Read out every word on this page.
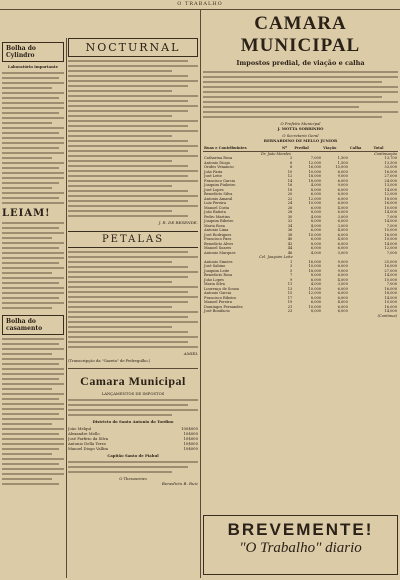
O TRABALHO
Bolha do Cylindro
Laboratório importante
LEIAM!
Bolha do casamento
NOCTURNAL
J. R. DE RESENDE.
PETALAS
AMIEL
(Transcripção da "Gazeta" de Pedregulho.)
Camara Municipal
LANÇAMENTOS DE IMPOSTOS
Districto do Santo Antonio do Tordino
João Melquí	100$000
Alexandre Mello	10$000
José Parfirio da Silva	10$000
Antonio Della Terra	10$000
Manoel Diogo Vallim	10$000
Capitão Santo de Piahul
O Thesoureiro
Benedicto B. Ruiz
CAMARA MUNICIPAL
Impostos predial, de viação e calha
O Prefeito Municipal
J. MOTTA SOBRINHO
O Secretario Geral
BERNARDINO DE MELLO JUNIOR
Ruas e Contribuintes	Nº	Predial	Viação	Calha	Total
Dr. João Mendes				Continuação	
Catharina Rosa	2	7,000	1,500		13,700
Antonio Diogo	6	12,000	1,500		13,500
Orides Venancio	8	16,000	15,000		33,000
João Faria	10	10,000	6,000		16,000
José Leite	12	18,000	9,000		27,000
Francisco Garcia	14	18,000	6,000		24,000
Joaquim Pinheiro	16	4,000	9,000		13,000
José Lopes	18	8,000	6,000		14,000
Benedicto Silva	20	6,000	6,000		12,000
Antonio Amaral	22	12,000	6,000		18,000
Luiz Pereira	24	10,000	6,000		16,000
Manoel Costa	26	6,000	4,000		10,000
João Batista	28	8,000	6,000		14,000
Pedro Martins	30	4,000	3,000		7,000
Joaquim Ribeiro	32	8,000	6,000		14,000
Maria Rosa	34	4,000	3,000		7,000
Antonio Lima	36	6,000	4,000		10,000
José Rodrigues	38	10,000	6,000		16,000
Francisco Paes	40	6,000	4,000		10,000
Benedicto Alves	42	8,000	6,000		14,000
Manoel Soares	44	6,000	6,000		12,000
Antonio Marques	46	4,000	3,000		7,000
Cel. Joaquim Leite					
Antonio Simões	1	16,000	9,000		25,000
José Sabino	3	10,000	6,000		16,000
Joaquim Leite	5	18,000	9,000		27,000
Benedicto Rosa	7	8,000	6,000		14,000
João Lopes	9	6,000	4,000		10,000
Maria Silva	11	4,000	3,000		7,000
Lourenço de Souza	13	10,000	6,000		16,000
Antonio Garcia	15	12,000	6,000		18,000
Francisco Ribeiro	17	8,000	6,000		14,000
Manoel Pereira	19	6,000	4,000		10,000
Domingos Fernandes	21	10,000	6,000		16,000
José Bonifacio	23	8,000	6,000		14,000
(Continua)					
BREVEMENTE!
"O Trabalho" diario
